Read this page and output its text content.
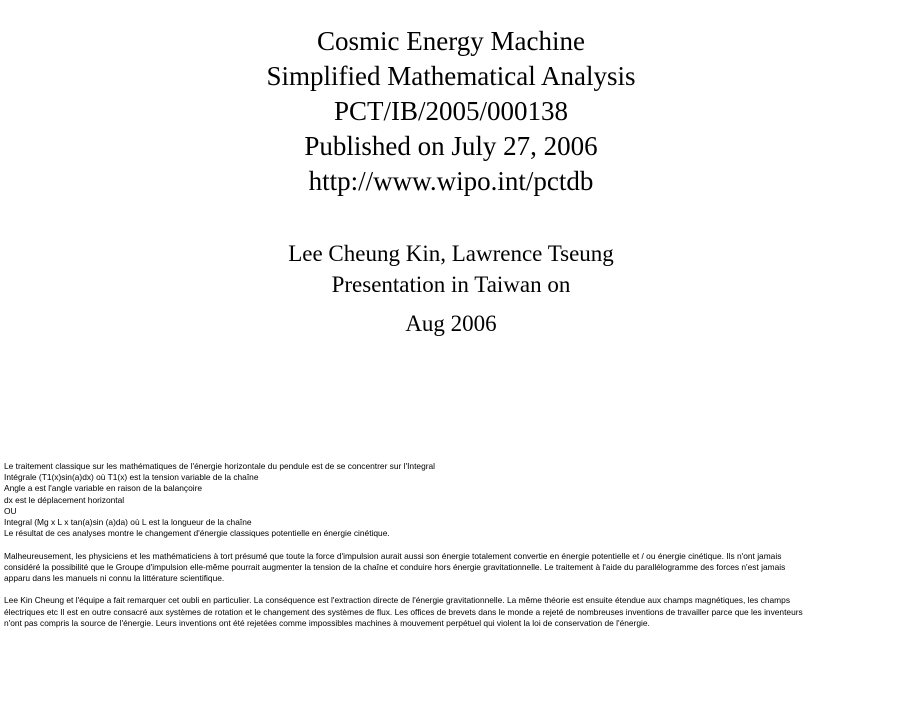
Cosmic Energy Machine
Simplified Mathematical Analysis
PCT/IB/2005/000138
Published on July 27, 2006
http://www.wipo.int/pctdb
Lee Cheung Kin, Lawrence Tseung
Presentation in Taiwan on
Aug 2006
Le traitement classique sur les mathématiques de l'énergie horizontale du pendule est de se concentrer sur l'Integral
Intégrale (T1(x)sin(a)dx) où T1(x) est la tension variable de la chaîne
Angle a est l'angle variable en raison de la balançoire
dx est le déplacement horizontal
OU
Integral (Mg x L x tan(a)sin (a)da) où L est la longueur de la chaîne
Le résultat de ces analyses montre le changement d'énergie classiques potentielle en énergie cinétique.
Malheureusement, les physiciens et les mathématiciens à tort présumé que toute la force d'impulsion aurait aussi son énergie totalement convertie en énergie potentielle et / ou énergie cinétique. Ils n'ont jamais
considéré la possibilité que le Groupe d'impulsion elle-même pourrait augmenter la tension de la chaîne et conduire hors énergie gravitationnelle. Le traitement à l'aide du parallélogramme des forces n'est jamais
apparu dans les manuels ni connu la littérature scientifique.
Lee Kin Cheung et l'équipe a fait remarquer cet oubli en particulier. La conséquence est l'extraction directe de l'énergie gravitationnelle. La même théorie est ensuite étendue aux champs magnétiques, les champs
électriques etc Il est en outre consacré aux systèmes de rotation et le changement des systèmes de flux. Les offices de brevets dans le monde a rejeté de nombreuses inventions de travailler parce que les inventeurs
n'ont pas compris la source de l'énergie. Leurs inventions ont été rejetées comme impossibles machines à mouvement perpétuel qui violent la loi de conservation de l'énergie.
